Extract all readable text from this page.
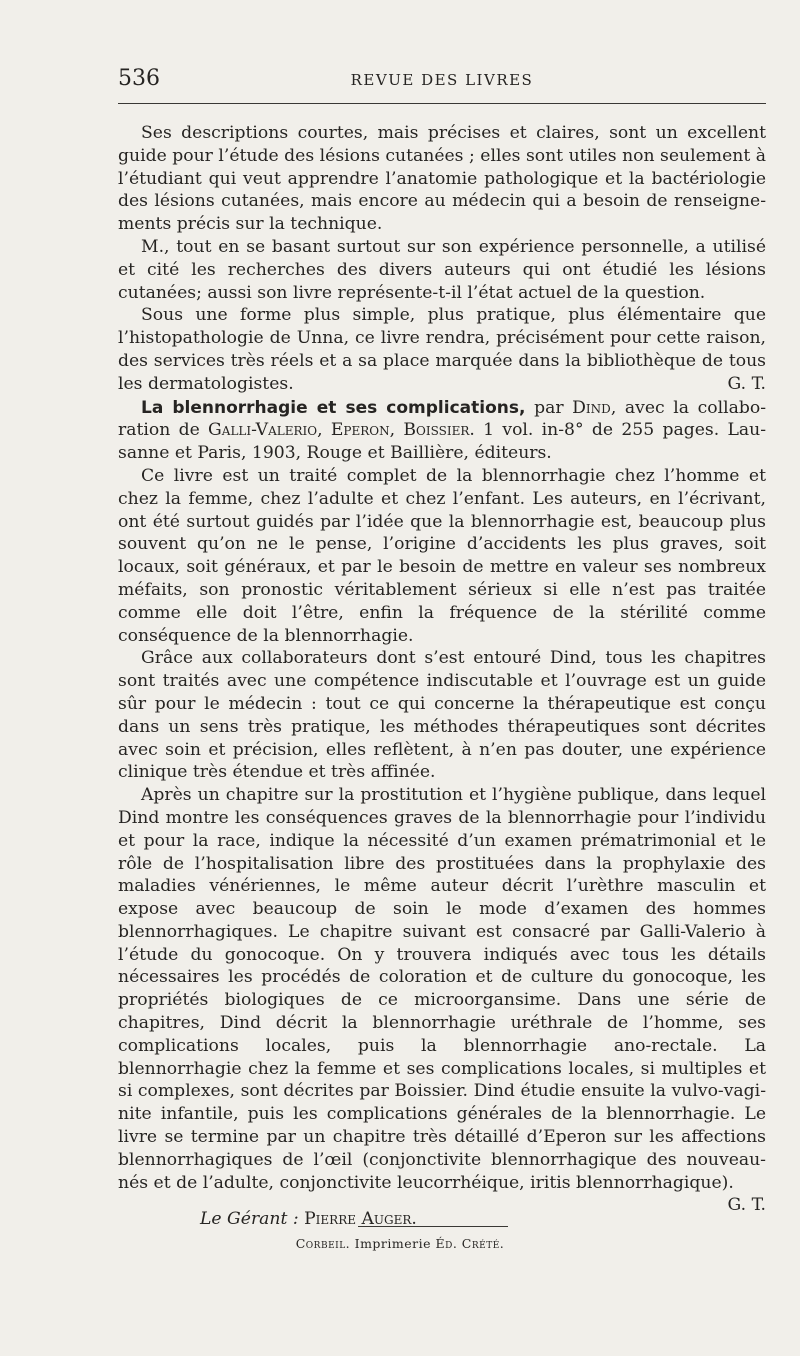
536	REVUE DES LIVRES

Ses descriptions courtes, mais précises et claires, sont un excellent guide pour l’étude des lésions cutanées ; elles sont utiles non seulement à l’étudiant qui veut apprendre l’anatomie pathologique et la bactériologie des lésions cutanées, mais encore au médecin qui a besoin de renseignements précis sur la technique.

M., tout en se basant surtout sur son expérience personnelle, a utilisé et cité les recherches des divers auteurs qui ont étudié les lésions cutanées; aussi son livre représente-t-il l’état actuel de la question.

Sous une forme plus simple, plus pratique, plus élémentaire que l’histopathologie de Unna, ce livre rendra, précisément pour cette raison, des services très réels et a sa place marquée dans la bibliothèque de tous les dermatologistes.	G. T.

La blennorrhagie et ses complications, par Dind, avec la collaboration de Galli-Valerio, Eperon, Boissier. 1 vol. in-8° de 255 pages. Lausanne et Paris, 1903, Rouge et Baillière, éditeurs.

Ce livre est un traité complet de la blennorrhagie chez l’homme et chez la femme, chez l’adulte et chez l’enfant. Les auteurs, en l’écrivant, ont été surtout guidés par l’idée que la blennorrhagie est, beaucoup plus souvent qu’on ne le pense, l’origine d’accidents les plus graves, soit locaux, soit généraux, et par le besoin de mettre en valeur ses nombreux méfaits, son pronostic véritablement sérieux si elle n’est pas traitée comme elle doit l’être, enfin la fréquence de la stérilité comme conséquence de la blennorrhagie.

Grâce aux collaborateurs dont s’est entouré Dind, tous les chapitres sont traités avec une compétence indiscutable et l’ouvrage est un guide sûr pour le médecin : tout ce qui concerne la thérapeutique est conçu dans un sens très pratique, les méthodes thérapeutiques sont décrites avec soin et précision, elles reflètent, à n’en pas douter, une expérience clinique très étendue et très affinée.

Après un chapitre sur la prostitution et l’hygiène publique, dans lequel Dind montre les conséquences graves de la blennorrhagie pour l’individu et pour la race, indique la nécessité d’un examen prématrimonial et le rôle de l’hospitalisation libre des prostituées dans la prophylaxie des maladies vénériennes, le même auteur décrit l’urèthre masculin et expose avec beaucoup de soin le mode d’examen des hommes blennorrhagiques. Le chapitre suivant est consacré par Galli-Valerio à l’étude du gonocoque. On y trouvera indiqués avec tous les détails nécessaires les procédés de coloration et de culture du gonocoque, les propriétés biologiques de ce microorgansime. Dans une série de chapitres, Dind décrit la blennorrhagie uréthrale de l’homme, ses complications locales, puis la blennorrhagie ano-rectale. La blennorrhagie chez la femme et ses complications locales, si multiples et si complexes, sont décrites par Boissier. Dind étudie ensuite la vulvo-vaginite infantile, puis les complications générales de la blennorrhagie. Le livre se termine par un chapitre très détaillé d’Eperon sur les affections blennorrhagiques de l’œil (conjonctivite blennorrhagique des nouveau-nés et de l’adulte, conjonctivite leucorrhéique, iritis blennorrhagique).
G. T.

Le Gérant : Pierre Auger.

Corbeil. Imprimerie Éd. Crété.
